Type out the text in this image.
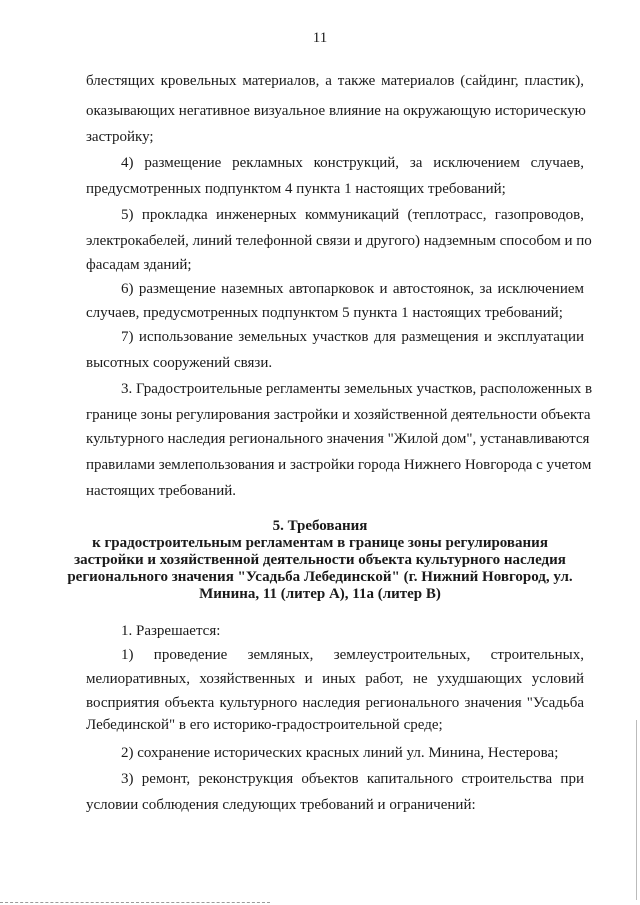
11
блестящих кровельных материалов, а также материалов (сайдинг, пластик),
оказывающих негативное визуальное влияние на окружающую историческую
застройку;
4) размещение рекламных конструкций, за исключением случаев,
предусмотренных подпунктом 4 пункта 1 настоящих требований;
5) прокладка инженерных коммуникаций (теплотрасс, газопроводов,
электрокабелей, линий телефонной связи и другого) надземным способом и по
фасадам зданий;
6) размещение наземных автопарковок и автостоянок, за исключением
случаев, предусмотренных подпунктом 5 пункта 1 настоящих требований;
7) использование земельных участков для размещения и эксплуатации
высотных сооружений связи.
3. Градостроительные регламенты земельных участков, расположенных в
границе зоны регулирования застройки и хозяйственной деятельности объекта
культурного наследия регионального значения "Жилой дом", устанавливаются
правилами землепользования и застройки города Нижнего Новгорода с учетом
настоящих требований.
5. Требования
к градостроительным регламентам в границе зоны регулирования
застройки и хозяйственной деятельности объекта культурного наследия
регионального значения "Усадьба Лебединской" (г. Нижний Новгород, ул.
Минина, 11 (литер А), 11а (литер В)
1. Разрешается:
1) проведение земляных, землеустроительных, строительных,
мелиоративных, хозяйственных и иных работ, не ухудшающих условий
восприятия объекта культурного наследия регионального значения "Усадьба
Лебединской" в его историко-градостроительной среде;
2) сохранение исторических красных линий ул. Минина, Нестерова;
3) ремонт, реконструкция объектов капитального строительства при
условии соблюдения следующих требований и ограничений:
